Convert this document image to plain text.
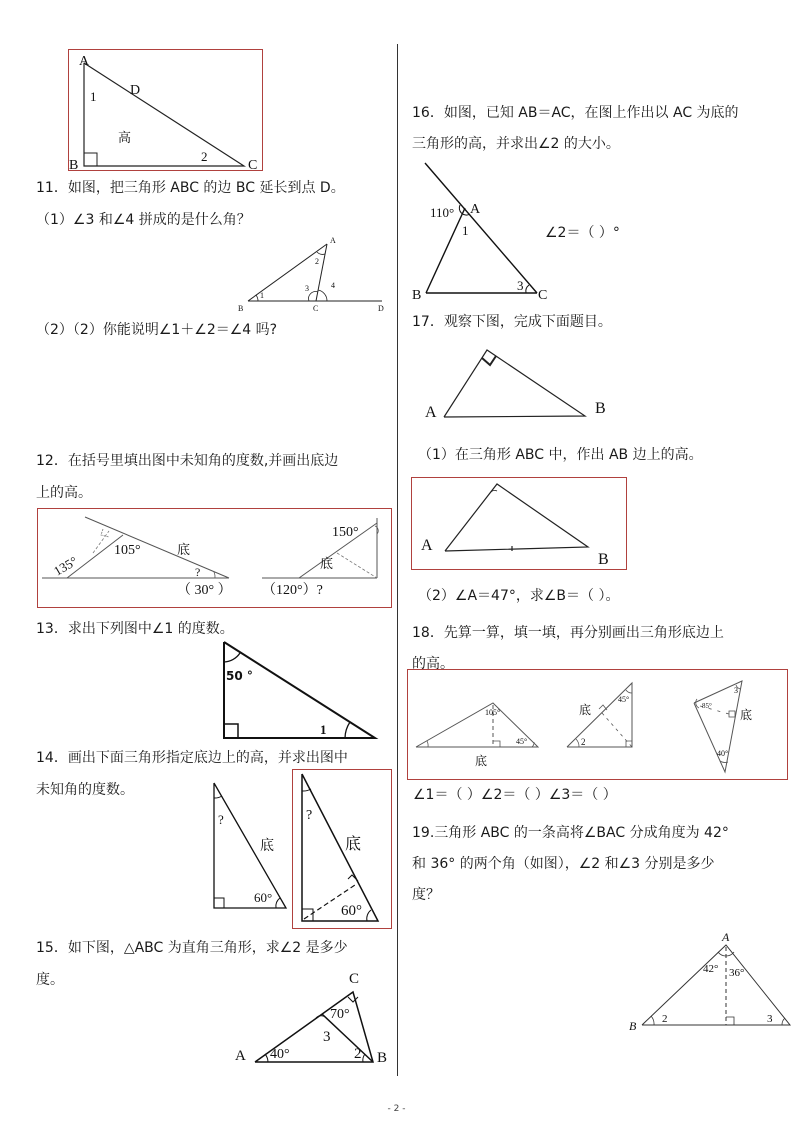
A
B	C
D
1
2
高
11．如图，把三角形 ABC 的边 BC 延长到点 D。
（1）∠3 和∠4 拼成的是什么角？
A
B	C	D
1
2
3	4
（2）（2）你能说明∠1＋∠2＝∠4 吗?
12．在括号里填出图中未知角的度数,并画出底边
上的高。
135°
105°	底
?
（ 30° ）
150°
底
（120°）?
13．求出下列图中∠1 的度数。
50 °
1
14．画出下面三角形指定底边上的高，并求出图中
未知角的度数。
?
底
60°
?
底
60°
15．如下图，△ABC 为直角三角形，求∠2 是多少
度。
A	B
C
70°
40°
3
2
16．如图，已知 AB＝AC，在图上作出以 AC 为底的
三角形的高，并求出∠2 的大小。
110° A
B	C
1
3
∠2＝（ ）°
17．观察下图，完成下面题目。
A	B
（1）在三角形 ABC 中，作出 AB 边上的高。
A
B
（2）∠A＝47°，求∠B＝（ ）。
18．先算一算，填一填，再分别画出三角形底边上
的高。
105°
45°
底
45°
2
底	85°
3
40°
底
∠1＝（ ）∠2＝（ ）∠3＝（ ）
19.三角形 ABC 的一条高将∠BAC 分成角度为 42°
和 36° 的两个角（如图），∠2 和∠3 分别是多少
度？
A
B
42° 36°
2	3
- 2 -
